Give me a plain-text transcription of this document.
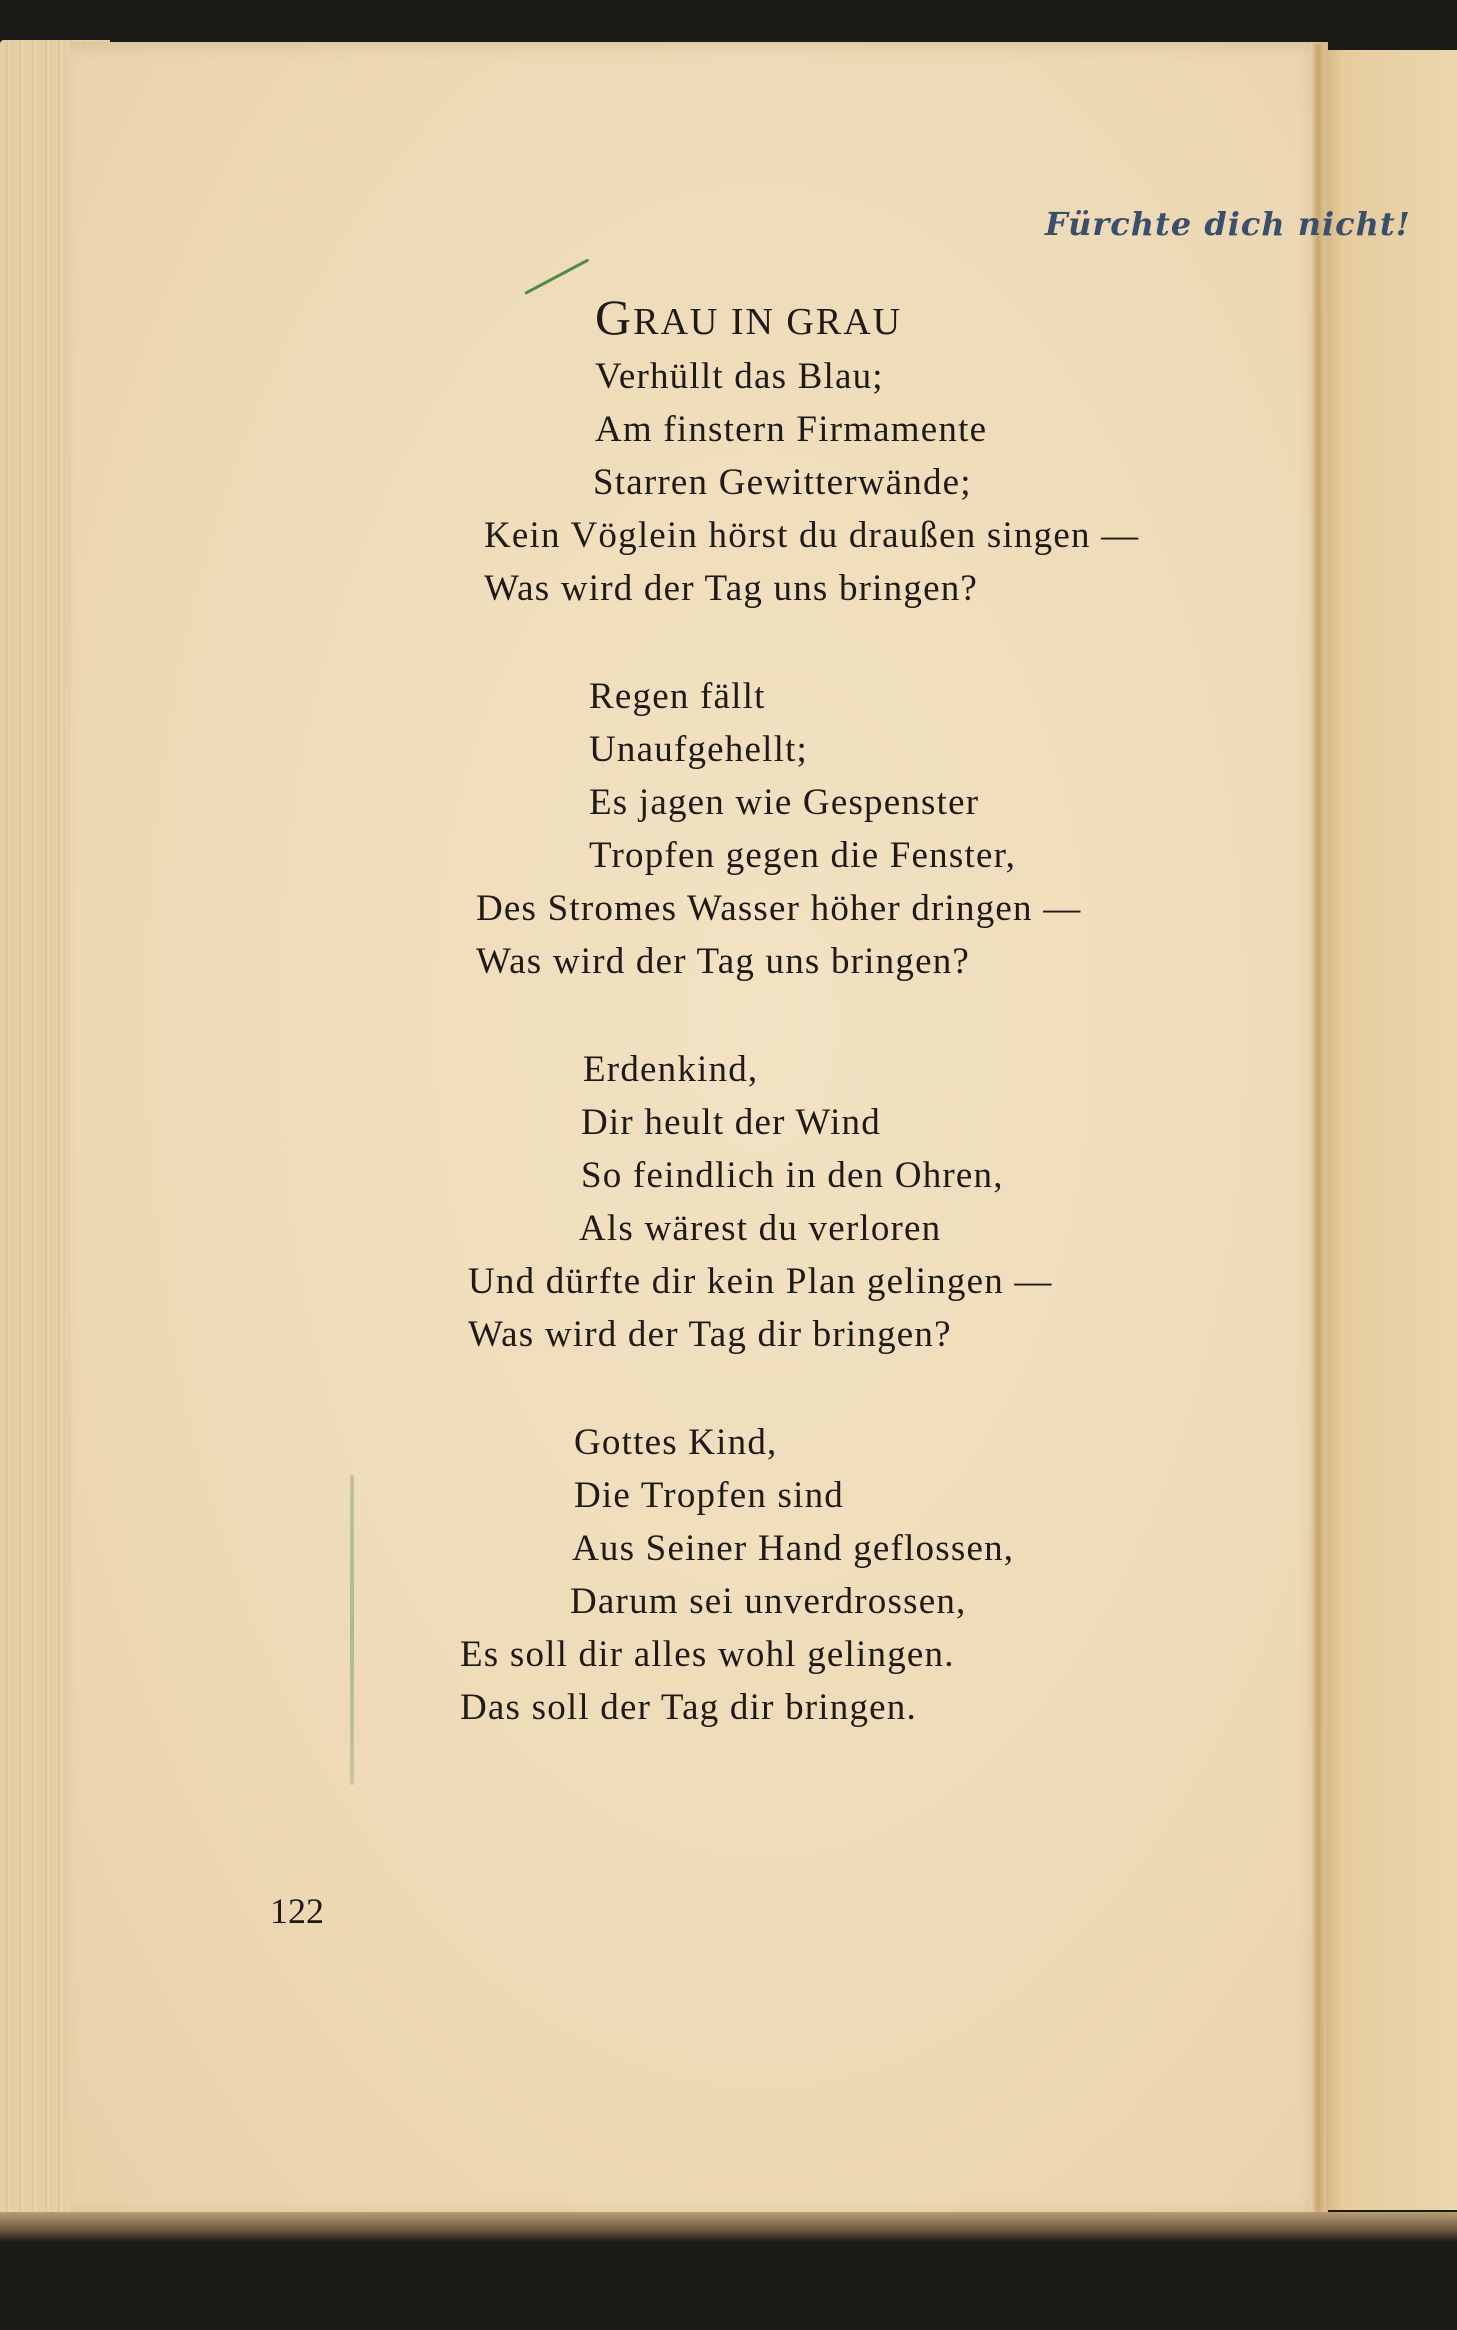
Fürchte dich nicht!
GRAU IN GRAU
Verhüllt das Blau;
Am finstern Firmamente
Starren Gewitterwände;
Kein Vöglein hörst du draußen singen —
Was wird der Tag uns bringen?
Regen fällt
Unaufgehellt;
Es jagen wie Gespenster
Tropfen gegen die Fenster,
Des Stromes Wasser höher dringen —
Was wird der Tag uns bringen?
Erdenkind,
Dir heult der Wind
So feindlich in den Ohren,
Als wärest du verloren
Und dürfte dir kein Plan gelingen —
Was wird der Tag dir bringen?
Gottes Kind,
Die Tropfen sind
Aus Seiner Hand geflossen,
Darum sei unverdrossen,
Es soll dir alles wohl gelingen.
Das soll der Tag dir bringen.
122
